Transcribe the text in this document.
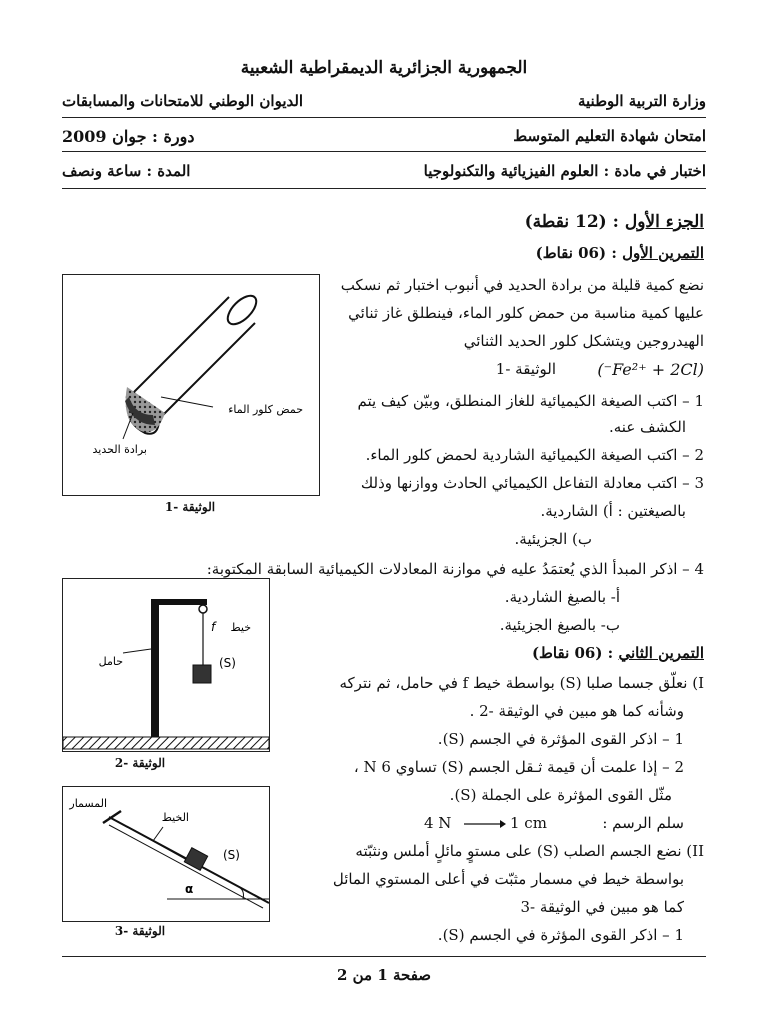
الجمهورية الجزائرية الديمقراطية الشعبية
وزارة التربية الوطنية
الديوان الوطني للامتحانات والمسابقات
امتحان شهادة التعليم المتوسط
دورة : جوان 2009
اختبار في مادة : العلوم الفيزيائية والتكنولوجيا
المدة : ساعة ونصف
الجزء الأول : (12 نقطة)
التمرين الأول : (06 نقاط)
نضع كمية قليلة من برادة الحديد في أنبوب اختبار ثم نسكب
عليها كمية مناسبة من حمض كلور الماء، فينطلق غاز ثنائي
الهيدروجين ويتشكل كلور الحديد الثنائي
(Fe²⁺ + 2Cl⁻)
الوثيقة -1
1 – اكتب الصيغة الكيميائية للغاز المنطلق، وبيّن كيف يتم
الكشف عنه.
2 – اكتب الصيغة الكيميائية الشاردية لحمض كلور الماء.
3 – اكتب معادلة التفاعل الكيميائي الحادث ووازنها وذلك
بالصيغتين : أ) الشاردية.
ب) الجزيئية.
4 – اذكر المبدأ الذي يُعتمَدُ عليه في موازنة المعادلات الكيميائية السابقة المكتوبة:
أ- بالصيغ الشاردية.
ب- بالصيغ الجزيئية.
حمض كلور الماء
برادة الحديد
الوثيقة -1
التمرين الثاني : (06 نقاط)
I) نعلّق جسما صلبا (S) بواسطة خيط f في حامل، ثم نتركه
وشأنه كما هو مبين في الوثيقة -2 .
1 – اذكر القوى المؤثرة في الجسم (S).
2 – إذا علمت أن قيمة ثـقل الجسم (S) تساوي 6 N ،
مثّل القوى المؤثرة على الجملة (S).
سلم الرسم :
1 cm
4 N
II) نضع الجسم الصلب (S) على مستوٍ مائلٍ أملس ونثبّته
بواسطة خيط في مسمار مثبّت في أعلى المستوي المائل
كما هو مبين في الوثيقة -3
1 – اذكر القوى المؤثرة في الجسم (S).
f خيط
(S)
حامل
الوثيقة -2
α
(S)
الخيط
المسمار
الوثيقة -3
صفحة 1 من 2
